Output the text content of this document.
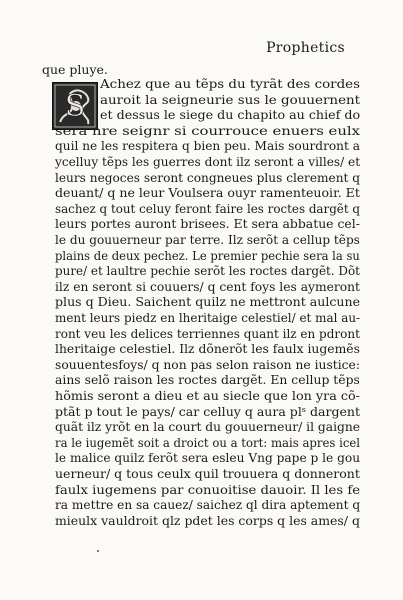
Prophetics
que pluye.
S
Achez que au tẽps du tyrãt des cordes
auroit la seigneurie sus le gouuernent
et dessus le siege du chapito au chief do
sera nre seignr si courrouce enuers eulx
quil ne les respitera q bien peu. Mais sourdront a
ycelluy tẽps les guerres dont ilz seront a villes/ et
leurs negoces seront congneues plus clerement q
deuant/ q ne leur Voulsera ouyr ramenteuoir. Et
sachez q tout celuy feront faire les roctes dargẽt q
leurs portes auront brisees. Et sera abbatue cel-
le du gouuerneur par terre. Ilz serõt a cellup tẽps
plains de deux pechez. Le premier pechie sera la su
pure/ et laultre pechie serõt les roctes dargẽt. Dõt
ilz en seront si couuers/ q cent foys les aymeront
plus q Dieu. Saichent quilz ne mettront aulcune
ment leurs piedz en lheritaige celestiel/ et mal au-
ront veu les delices terriennes quant ilz en pdront
lheritaige celestiel. Ilz dõnerõt les faulx iugemẽs
souuentesfoys/ q non pas selon raison ne iustice:
ains selõ raison les roctes dargẽt. En cellup tẽps
hõmis seront a dieu et au siecle que lon yra cõ-
ptãt p tout le pays/ car celluy q aura plˢ dargent
quãt ilz yrõt en la court du gouuerneur/ il gaigne
ra le iugemẽt soit a droict ou a tort: mais apres icel
le malice quilz ferõt sera esleu Vng pape p le gou
uerneur/ q tous ceulx quil trouuera q donneront
faulx iugemens par conuoitise dauoir. Il les fe
ra mettre en sa cauez/ saichez ql dira aptement q
mieulx vauldroit qlz pdet les corps q les ames/ q
